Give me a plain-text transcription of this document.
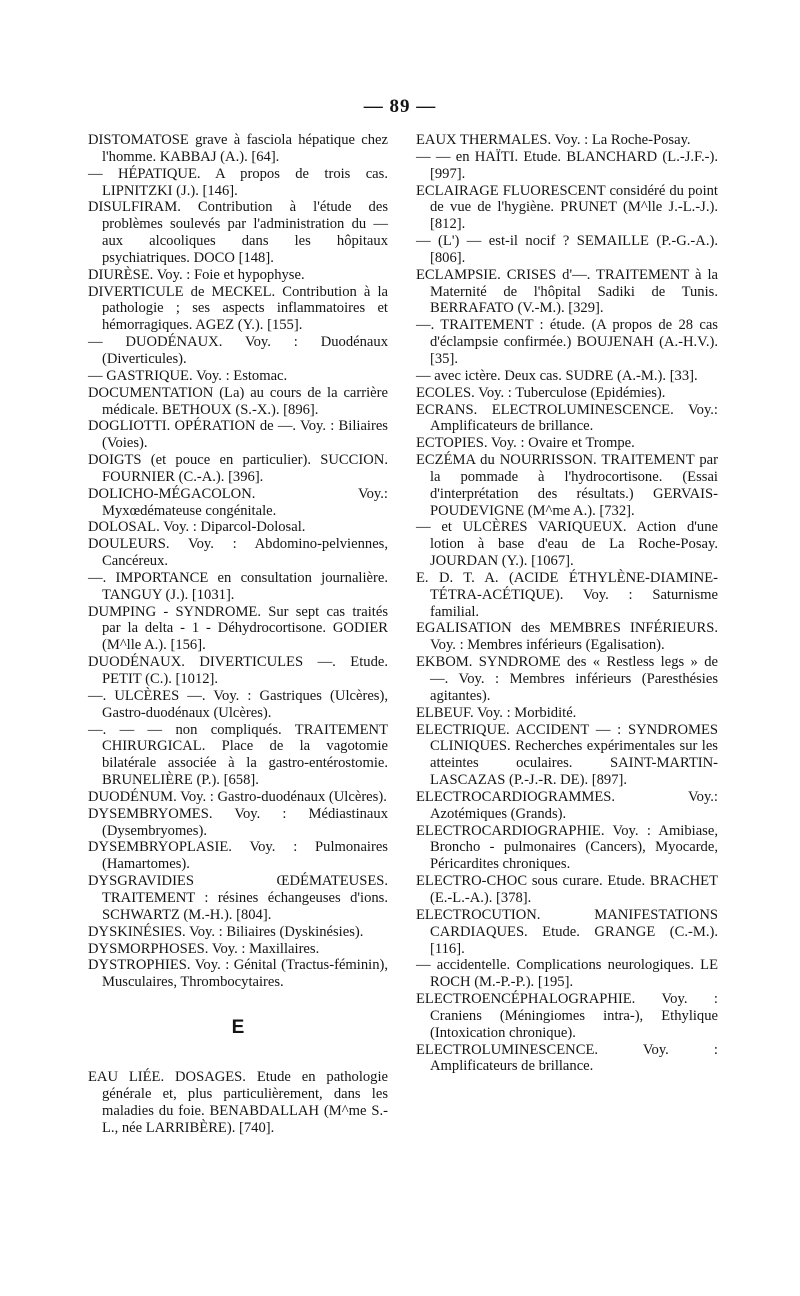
— 89 —

DISTOMATOSE grave à fasciola hépatique chez l'homme. KABBAJ (A.). [64].

— HÉPATIQUE. A propos de trois cas. LIPNITZKI (J.). [146].

DISULFIRAM. Contribution à l'étude des problèmes soulevés par l'administration du — aux alcooliques dans les hôpitaux psychiatriques. DOCO [148].

DIURÈSE. Voy. : Foie et hypophyse.

DIVERTICULE de MECKEL. Contribution à la pathologie ; ses aspects inflammatoires et hémorragiques. AGEZ (Y.). [155].

— DUODÉNAUX. Voy. : Duodénaux (Diverticules).

— GASTRIQUE. Voy. : Estomac.

DOCUMENTATION (La) au cours de la carrière médicale. BETHOUX (S.-X.). [896].

DOGLIOTTI. OPÉRATION de —. Voy. : Biliaires (Voies).

DOIGTS (et pouce en particulier). SUCCION. FOURNIER (C.-A.). [396].

DOLICHO-MÉGACOLON. Voy.: Myxœdémateuse congénitale.

DOLOSAL. Voy. : Diparcol-Dolosal.

DOULEURS. Voy. : Abdomino-pelviennes, Cancéreux.

—. IMPORTANCE en consultation journalière. TANGUY (J.). [1031].

DUMPING - SYNDROME. Sur sept cas traités par la delta - 1 - Déhydrocortisone. GODIER (M^lle A.). [156].

DUODÉNAUX. DIVERTICULES —. Etude. PETIT (C.). [1012].

—. ULCÈRES —. Voy. : Gastriques (Ulcères), Gastro-duodénaux (Ulcères).

—. — — non compliqués. TRAITEMENT CHIRURGICAL. Place de la vagotomie bilatérale associée à la gastro-entérostomie. BRUNELIÈRE (P.). [658].

DUODÉNUM. Voy. : Gastro-duodénaux (Ulcères).

DYSEMBRYOMES. Voy. : Médiastinaux (Dysembryomes).

DYSEMBRYOPLASIE. Voy. : Pulmonaires (Hamartomes).

DYSGRAVIDIES ŒDÉMATEUSES. TRAITEMENT : résines échangeuses d'ions. SCHWARTZ (M.-H.). [804].

DYSKINÉSIES. Voy. : Biliaires (Dyskinésies).

DYSMORPHOSES. Voy. : Maxillaires.

DYSTROPHIES. Voy. : Génital (Tractus-féminin), Musculaires, Thrombocytaires.

E

EAU LIÉE. DOSAGES. Etude en pathologie générale et, plus particulièrement, dans les maladies du foie. BENABDALLAH (M^me S.-L., née LARRIBÈRE). [740].

EAUX THERMALES. Voy. : La Roche-Posay.

— — en HAÏTI. Etude. BLANCHARD (L.-J.F.-). [997].

ECLAIRAGE FLUORESCENT considéré du point de vue de l'hygiène. PRUNET (M^lle J.-L.-J.). [812].

— (L') — est-il nocif ? SEMAILLE (P.-G.-A.). [806].

ECLAMPSIE. CRISES d'—. TRAITEMENT à la Maternité de l'hôpital Sadiki de Tunis. BERRAFATO (V.-M.). [329].

—. TRAITEMENT : étude. (A propos de 28 cas d'éclampsie confirmée.) BOUJENAH (A.-H.V.). [35].

— avec ictère. Deux cas. SUDRE (A.-M.). [33].

ECOLES. Voy. : Tuberculose (Epidémies).

ECRANS. ELECTROLUMINESCENCE. Voy.: Amplificateurs de brillance.

ECTOPIES. Voy. : Ovaire et Trompe.

ECZÉMA du NOURRISSON. TRAITEMENT par la pommade à l'hydrocortisone. (Essai d'interprétation des résultats.) GERVAIS-POUDEVIGNE (M^me A.). [732].

— et ULCÈRES VARIQUEUX. Action d'une lotion à base d'eau de La Roche-Posay. JOURDAN (Y.). [1067].

E. D. T. A. (ACIDE ÉTHYLÈNE-DIAMINE-TÉTRA-ACÉTIQUE). Voy. : Saturnisme familial.

EGALISATION des MEMBRES INFÉRIEURS. Voy. : Membres inférieurs (Egalisation).

EKBOM. SYNDROME des « Restless legs » de —. Voy. : Membres inférieurs (Paresthésies agitantes).

ELBEUF. Voy. : Morbidité.

ELECTRIQUE. ACCIDENT — : SYNDROMES CLINIQUES. Recherches expérimentales sur les atteintes oculaires. SAINT-MARTIN-LASCAZAS (P.-J.-R. DE). [897].

ELECTROCARDIOGRAMMES. Voy.: Azotémiques (Grands).

ELECTROCARDIOGRAPHIE. Voy. : Amibiase, Broncho - pulmonaires (Cancers), Myocarde, Péricardites chroniques.

ELECTRO-CHOC sous curare. Etude. BRACHET (E.-L.-A.). [378].

ELECTROCUTION. MANIFESTATIONS CARDIAQUES. Etude. GRANGE (C.-M.). [116].

— accidentelle. Complications neurologiques. LE ROCH (M.-P.-P.). [195].

ELECTROENCÉPHALOGRAPHIE. Voy. : Craniens (Méningiomes intra-), Ethylique (Intoxication chronique).

ELECTROLUMINESCENCE. Voy. : Amplificateurs de brillance.
